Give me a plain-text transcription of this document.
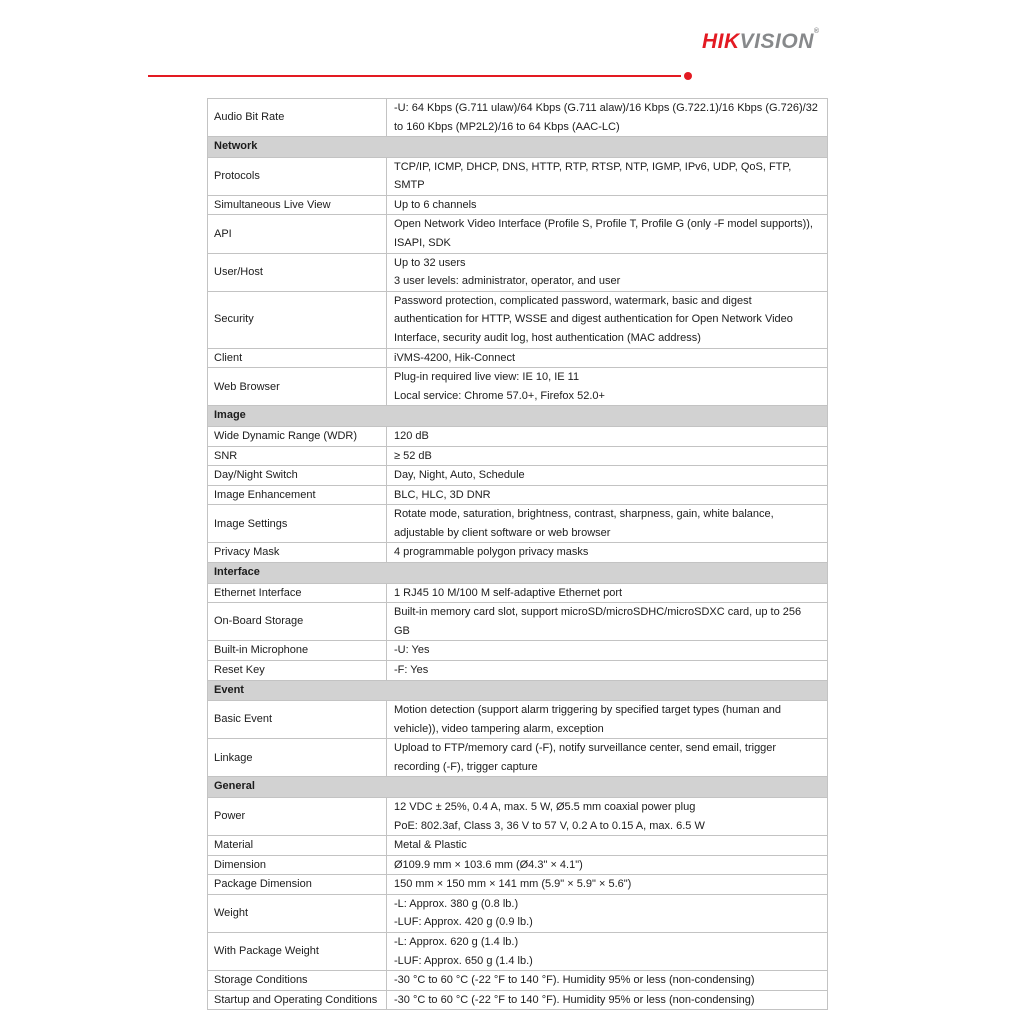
HIKVISION®
Audio Bit Rate	-U: 64 Kbps (G.711 ulaw)/64 Kbps (G.711 alaw)/16 Kbps (G.722.1)/16 Kbps (G.726)/32 to 160 Kbps (MP2L2)/16 to 64 Kbps (AAC-LC)

Network	
Protocols	TCP/IP, ICMP, DHCP, DNS, HTTP, RTP, RTSP, NTP, IGMP, IPv6, UDP, QoS, FTP, SMTP

Simultaneous Live View	Up to 6 channels

API	Open Network Video Interface (Profile S, Profile T, Profile G (only -F model supports)), ISAPI, SDK

User/Host	Up to 32 users
3 user levels: administrator, operator, and user

Security	Password protection, complicated password, watermark, basic and digest authentication for HTTP, WSSE and digest authentication for Open Network Video Interface, security audit log, host authentication (MAC address)

Client	iVMS-4200, Hik-Connect

Web Browser	Plug-in required live view: IE 10, IE 11
Local service: Chrome 57.0+, Firefox 52.0+

Image	
Wide Dynamic Range (WDR)	120 dB

SNR	≥ 52 dB

Day/Night Switch	Day, Night, Auto, Schedule

Image Enhancement	BLC, HLC, 3D DNR

Image Settings	Rotate mode, saturation, brightness, contrast, sharpness, gain, white balance, adjustable by client software or web browser

Privacy Mask	4 programmable polygon privacy masks

Interface	
Ethernet Interface	1 RJ45 10 M/100 M self-adaptive Ethernet port

On-Board Storage	Built-in memory card slot, support microSD/microSDHC/microSDXC card, up to 256 GB

Built-in Microphone	-U: Yes

Reset Key	-F: Yes

Event	
Basic Event	Motion detection (support alarm triggering by specified target types (human and vehicle)), video tampering alarm, exception

Linkage	Upload to FTP/memory card (-F), notify surveillance center, send email, trigger recording (-F), trigger capture

General	
Power	12 VDC ± 25%, 0.4 A, max. 5 W, Ø5.5 mm coaxial power plug
PoE: 802.3af, Class 3, 36 V to 57 V, 0.2 A to 0.15 A, max. 6.5 W

Material	Metal & Plastic

Dimension	Ø109.9 mm × 103.6 mm (Ø4.3" × 4.1")

Package Dimension	150 mm × 150 mm × 141 mm (5.9" × 5.9" × 5.6")

Weight	-L: Approx. 380 g (0.8 lb.)
-LUF: Approx. 420 g (0.9 lb.)

With Package Weight	-L: Approx. 620 g (1.4 lb.)
-LUF: Approx. 650 g (1.4 lb.)

Storage Conditions	-30 °C to 60 °C (-22 °F to 140 °F). Humidity 95% or less (non-condensing)

Startup and Operating Conditions	-30 °C to 60 °C (-22 °F to 140 °F). Humidity 95% or less (non-condensing)
